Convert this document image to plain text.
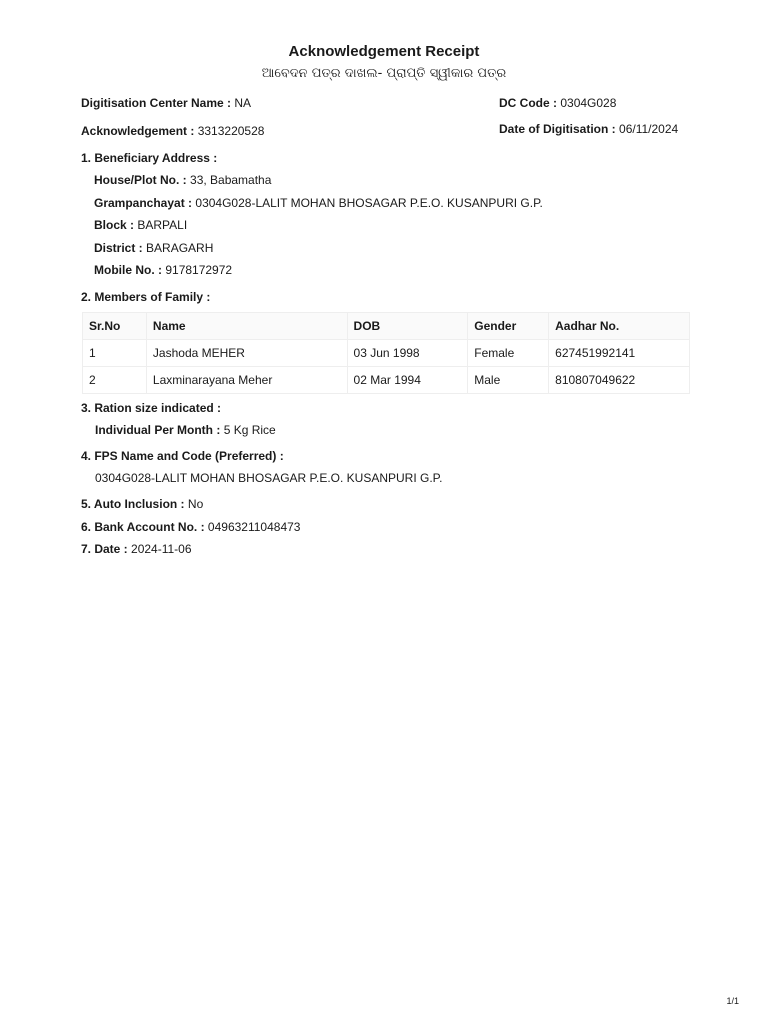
Acknowledgement Receipt
ଆବେଦନ ପତ୍ର ଦାଖଲ- ପ୍ରାପ୍ତି ସ୍ୱୀକାର ପତ୍ର
Digitisation Center Name : NA	DC Code : 0304G028
Acknowledgement : 3313220528	Date of Digitisation : 06/11/2024
1. Beneficiary Address :
House/Plot No. : 33, Babamatha
Grampanchayat : 0304G028-LALIT MOHAN BHOSAGAR P.E.O. KUSANPURI G.P.
Block : BARPALI
District : BARAGARH
Mobile No. : 9178172972
2. Members of Family :
Sr.No	Name	DOB	Gender	Aadhar No.
1	Jashoda MEHER	03 Jun 1998	Female	627451992141
2	Laxminarayana Meher	02 Mar 1994	Male	810807049622
3. Ration size indicated :
Individual Per Month : 5 Kg Rice
4. FPS Name and Code (Preferred) :
0304G028-LALIT MOHAN BHOSAGAR P.E.O. KUSANPURI G.P.
5. Auto Inclusion : No
6. Bank Account No. : 04963211048473
7. Date : 2024-11-06
1/1
